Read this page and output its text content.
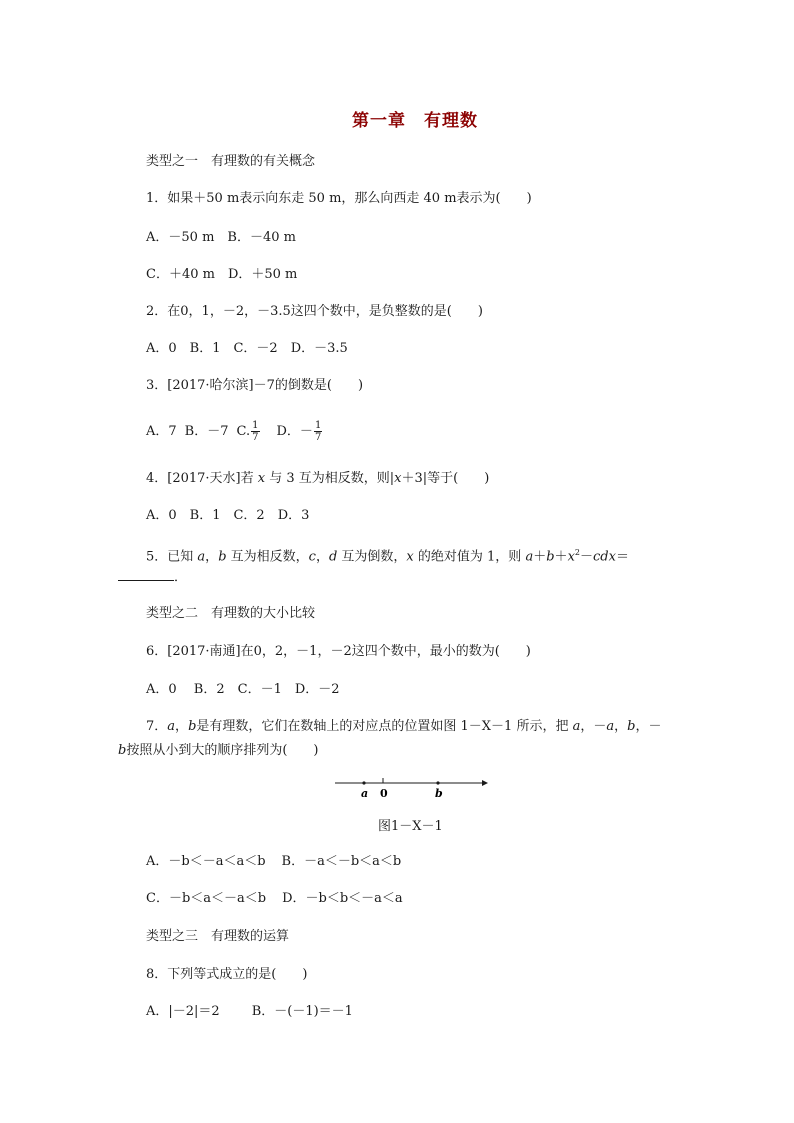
第一章　有理数
类型之一　有理数的有关概念
1．如果＋50 m表示向东走 50 m，那么向西走 40 m表示为(　　)
A．－50 m　B．－40 m
C．＋40 m　D．＋50 m
2．在0，1，－2，－3.5这四个数中，是负整数的是(　　)
A．0　B．1　C．－2　D．－3.5
3．[2017·哈尔滨]－7的倒数是(　　)
A．7 B．－7 C. $\frac{1}{7}$ D．－ $\frac{1}{7}$
4．[2017·天水]若 x 与 3 互为相反数，则|x＋3|等于(　　)
A．0　B．1　C．2　D．3
5．已知 a，b 互为相反数，c，d 互为倒数，x 的绝对值为 1，则 $a+b+x^2-cdx=$
．
类型之二　有理数的大小比较
6．[2017·南通]在0，2，－1，－2这四个数中，最小的数为(　　)
A．0　 B．2　C．－1　D．－2
7．a，b是有理数，它们在数轴上的对应点的位置如图 1－X－1 所示，把 a，－a，b，－
b按照从小到大的顺序排列为(　　)
a 0	b
图1－X－1
A．－b＜－a＜a＜b B．－a＜－b＜a＜b
C．－b＜a＜－a＜b D．－b＜b＜－a＜a
类型之三　有理数的运算
8．下列等式成立的是(　　)
A．|－2|＝2 B．－(－1)＝－1
